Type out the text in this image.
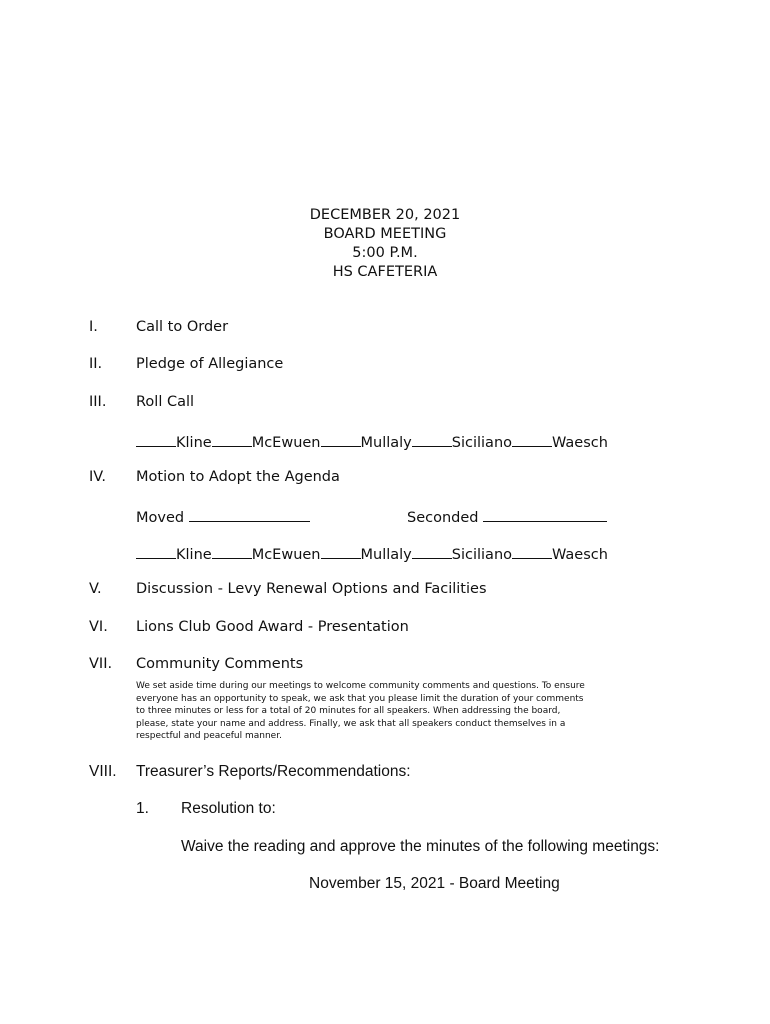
DECEMBER 20, 2021
BOARD MEETING
5:00 P.M.
HS CAFETERIA
I.	Call to Order
II. Pledge of Allegiance
III. Roll Call
Kline	McEwuen	Mullaly	Siciliano	Waesch
IV. Motion to Adopt the Agenda
Moved	Seconded
Kline	McEwuen	Mullaly	Siciliano	Waesch
V. Discussion - Levy Renewal Options and Facilities
VI. Lions Club Good Award - Presentation
VII. Community Comments
We set aside time during our meetings to welcome community comments and questions. To ensure everyone has an opportunity to speak, we ask that you please limit the duration of your comments to three minutes or less for a total of 20 minutes for all speakers. When addressing the board, please, state your name and address. Finally, we ask that all speakers conduct themselves in a respectful and peaceful manner.
VIII. Treasurer’s Reports/Recommendations:
1. Resolution to:
Waive the reading and approve the minutes of the following meetings:
November 15, 2021 - Board Meeting
